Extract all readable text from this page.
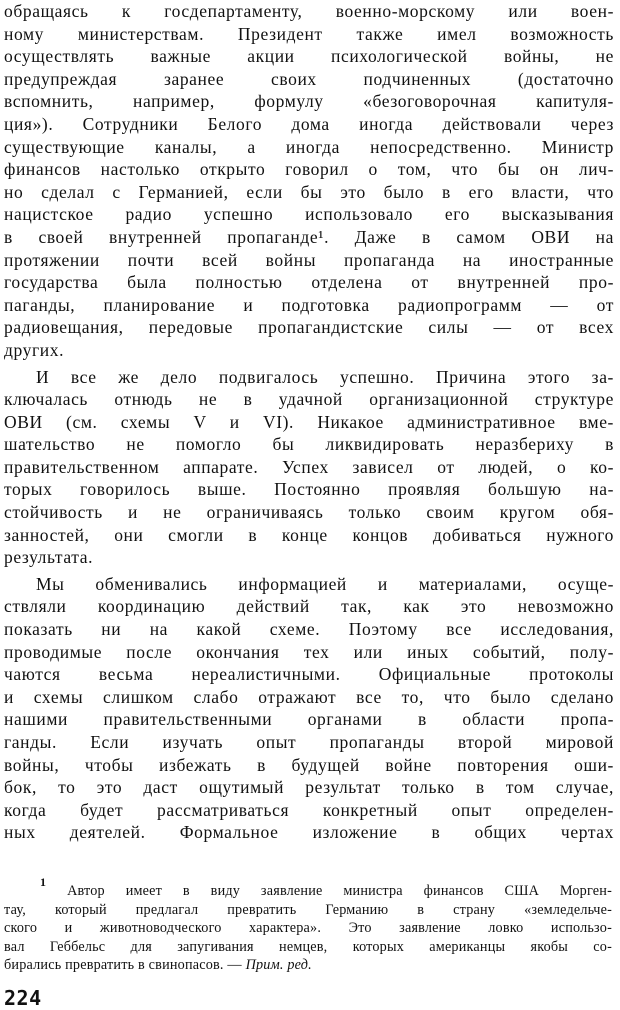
обращаясь к госдепартаменту, военно-морскому или воен-
ному министерствам. Президент также имел возможность
осуществлять важные акции психологической войны, не
предупреждая заранее своих подчиненных (достаточно
вспомнить, например, формулу «безоговорочная капитуля-
ция»). Сотрудники Белого дома иногда действовали через
существующие каналы, а иногда непосредственно. Министр
финансов настолько открыто говорил о том, что бы он лич-
но сделал с Германией, если бы это было в его власти, что
нацистское радио успешно использовало его высказывания
в своей внутренней пропаганде¹. Даже в самом ОВИ на
протяжении почти всей войны пропаганда на иностранные
государства была полностью отделена от внутренней про-
паганды, планирование и подготовка радиопрограмм — от
радиовещания, передовые пропагандистские силы — от всех
других.
И все же дело подвигалось успешно. Причина этого за-
ключалась отнюдь не в удачной организационной структуре
ОВИ (см. схемы V и VI). Никакое административное вме-
шательство не помогло бы ликвидировать неразбериху в
правительственном аппарате. Успех зависел от людей, о ко-
торых говорилось выше. Постоянно проявляя большую на-
стойчивость и не ограничиваясь только своим кругом обя-
занностей, они смогли в конце концов добиваться нужного
результата.
Мы обменивались информацией и материалами, осуще-
ствляли координацию действий так, как это невозможно
показать ни на какой схеме. Поэтому все исследования,
проводимые после окончания тех или иных событий, полу-
чаются весьма нереалистичными. Официальные протоколы
и схемы слишком слабо отражают все то, что было сделано
нашими правительственными органами в области пропа-
ганды. Если изучать опыт пропаганды второй мировой
войны, чтобы избежать в будущей войне повторения оши-
бок, то это даст ощутимый результат только в том случае,
когда будет рассматриваться конкретный опыт определен-
ных деятелей. Формальное изложение в общих чертах
$^1$ Автор имеет в виду заявление министра финансов США Морген-
тау, который предлагал превратить Германию в страну «земледельче-
ского и животноводческого характера». Это заявление ловко использо-
вал Геббельс для запугивания немцев, которых американцы якобы со-
бирались превратить в свинопасов. — Прим. ред.
224
